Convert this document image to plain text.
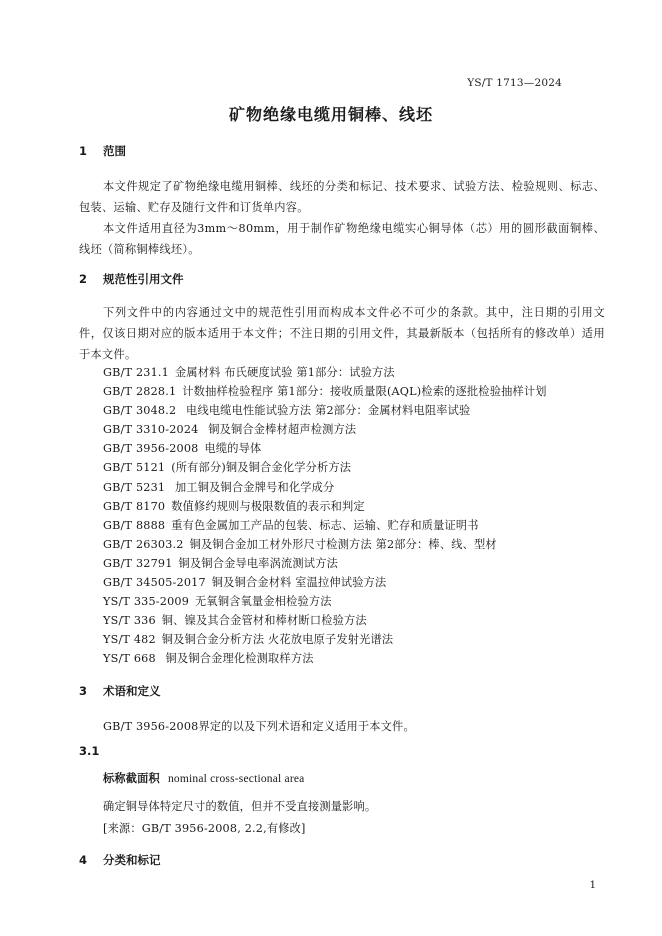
YS/T 1713—2024
矿物绝缘电缆用铜棒、线坯
1 范围
本文件规定了矿物绝缘电缆用铜棒、线坯的分类和标记、技术要求、试验方法、检验规则、标志、包装、运输、贮存及随行文件和订货单内容。
本文件适用直径为3mm～80mm，用于制作矿物绝缘电缆实心铜导体（芯）用的圆形截面铜棒、线坯（简称铜棒线坯）。
2 规范性引用文件
下列文件中的内容通过文中的规范性引用而构成本文件必不可少的条款。其中，注日期的引用文件，仅该日期对应的版本适用于本文件；不注日期的引用文件，其最新版本（包括所有的修改单）适用于本文件。
GB/T 231.1 金属材料 布氏硬度试验 第1部分：试验方法
GB/T 2828.1 计数抽样检验程序 第1部分：接收质量限(AQL)检索的逐批检验抽样计划
GB/T 3048.2 电线电缆电性能试验方法 第2部分：金属材料电阻率试验
GB/T 3310-2024 铜及铜合金棒材超声检测方法
GB/T 3956-2008 电缆的导体
GB/T 5121 (所有部分)铜及铜合金化学分析方法
GB/T 5231 加工铜及铜合金牌号和化学成分
GB/T 8170 数值修约规则与极限数值的表示和判定
GB/T 8888 重有色金属加工产品的包装、标志、运输、贮存和质量证明书
GB/T 26303.2 铜及铜合金加工材外形尺寸检测方法 第2部分：棒、线、型材
GB/T 32791 铜及铜合金导电率涡流测试方法
GB/T 34505-2017 铜及铜合金材料 室温拉伸试验方法
YS/T 335-2009 无氧铜含氧量金相检验方法
YS/T 336 铜、镍及其合金管材和棒材断口检验方法
YS/T 482 铜及铜合金分析方法 火花放电原子发射光谱法
YS/T 668 铜及铜合金理化检测取样方法
3 术语和定义
GB/T 3956-2008界定的以及下列术语和定义适用于本文件。
3.1
标称截面积 nominal cross-sectional area
确定铜导体特定尺寸的数值，但并不受直接测量影响。
[来源：GB/T 3956-2008, 2.2,有修改]
4 分类和标记
1
